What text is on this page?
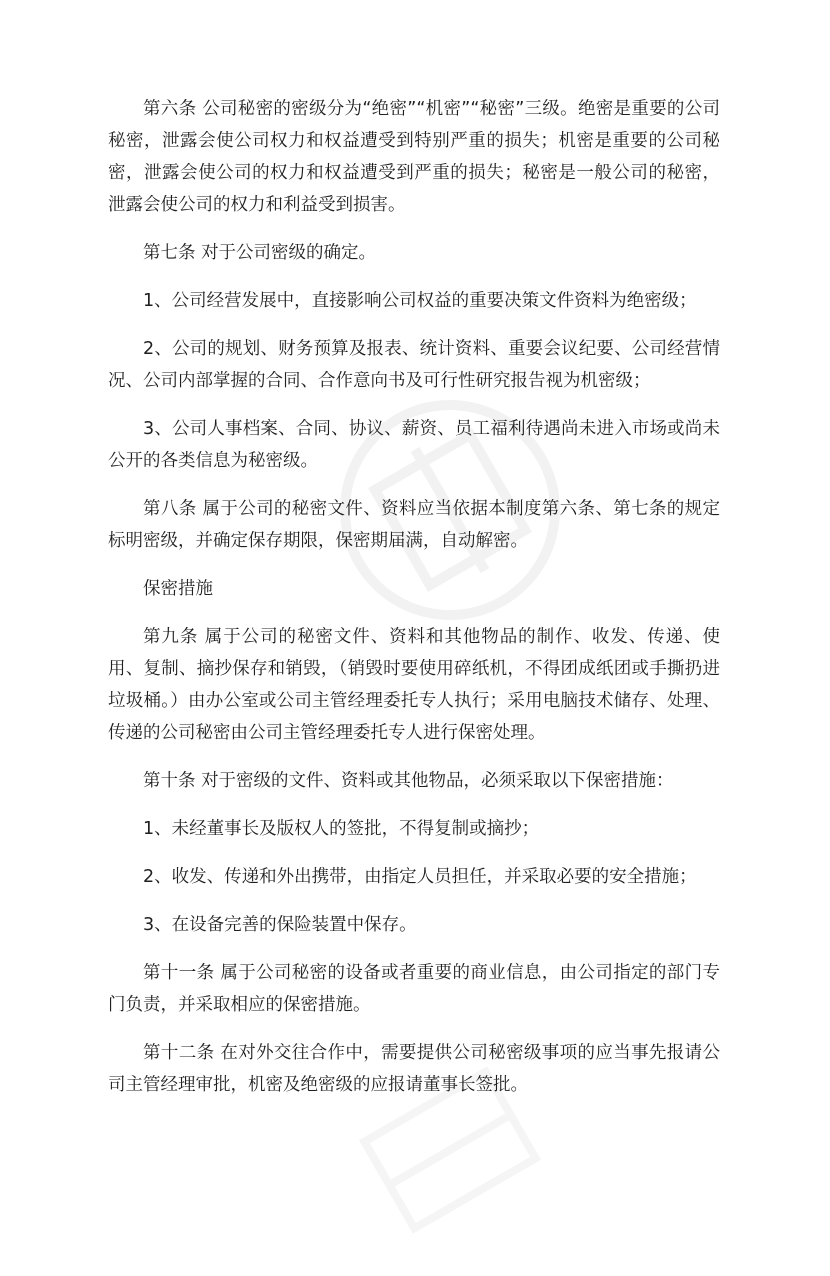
第六条 公司秘密的密级分为“绝密”“机密”“秘密”三级。绝密是重要的公司秘密，泄露会使公司权力和权益遭受到特别严重的损失；机密是重要的公司秘密，泄露会使公司的权力和权益遭受到严重的损失；秘密是一般公司的秘密，泄露会使公司的权力和利益受到损害。

第七条 对于公司密级的确定。

1、公司经营发展中，直接影响公司权益的重要决策文件资料为绝密级；

2、公司的规划、财务预算及报表、统计资料、重要会议纪要、公司经营情况、公司内部掌握的合同、合作意向书及可行性研究报告视为机密级；

3、公司人事档案、合同、协议、薪资、员工福利待遇尚未进入市场或尚未公开的各类信息为秘密级。

第八条 属于公司的秘密文件、资料应当依据本制度第六条、第七条的规定标明密级，并确定保存期限，保密期届满，自动解密。

保密措施

第九条 属于公司的秘密文件、资料和其他物品的制作、收发、传递、使用、复制、摘抄保存和销毁，（销毁时要使用碎纸机，不得团成纸团或手撕扔进垃圾桶。）由办公室或公司主管经理委托专人执行；采用电脑技术储存、处理、传递的公司秘密由公司主管经理委托专人进行保密处理。

第十条 对于密级的文件、资料或其他物品，必须采取以下保密措施：

1、未经董事长及版权人的签批，不得复制或摘抄；

2、收发、传递和外出携带，由指定人员担任，并采取必要的安全措施；

3、在设备完善的保险装置中保存。

第十一条 属于公司秘密的设备或者重要的商业信息，由公司指定的部门专门负责，并采取相应的保密措施。

第十二条 在对外交往合作中，需要提供公司秘密级事项的应当事先报请公司主管经理审批，机密及绝密级的应报请董事长签批。
